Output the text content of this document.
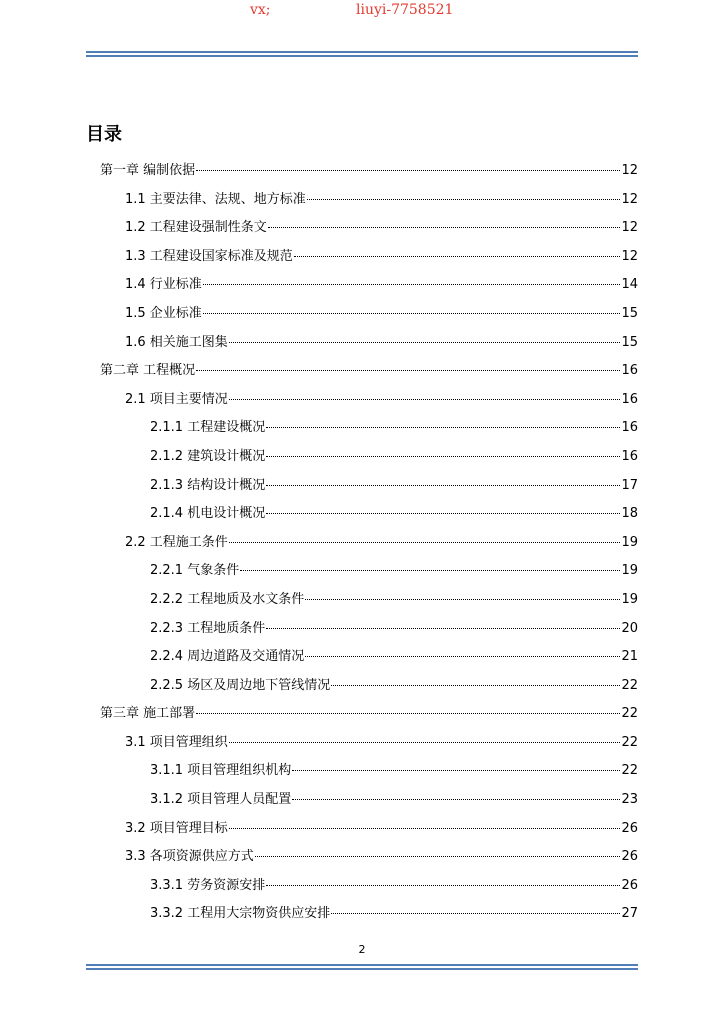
vx;	liuyi-7758521
目录
第一章 编制依据	12
1.1 主要法律、法规、地方标准	12
1.2 工程建设强制性条文	12
1.3 工程建设国家标准及规范	12
1.4 行业标准	14
1.5 企业标准	15
1.6 相关施工图集	15
第二章 工程概况	16
2.1 项目主要情况	16
2.1.1 工程建设概况	16
2.1.2 建筑设计概况	16
2.1.3 结构设计概况	17
2.1.4 机电设计概况	18
2.2 工程施工条件	19
2.2.1 气象条件	19
2.2.2 工程地质及水文条件	19
2.2.3 工程地质条件	20
2.2.4 周边道路及交通情况	21
2.2.5 场区及周边地下管线情况	22
第三章 施工部署	22
3.1 项目管理组织	22
3.1.1 项目管理组织机构	22
3.1.2 项目管理人员配置	23
3.2 项目管理目标	26
3.3 各项资源供应方式	26
3.3.1 劳务资源安排	26
3.3.2 工程用大宗物资供应安排	27
2
